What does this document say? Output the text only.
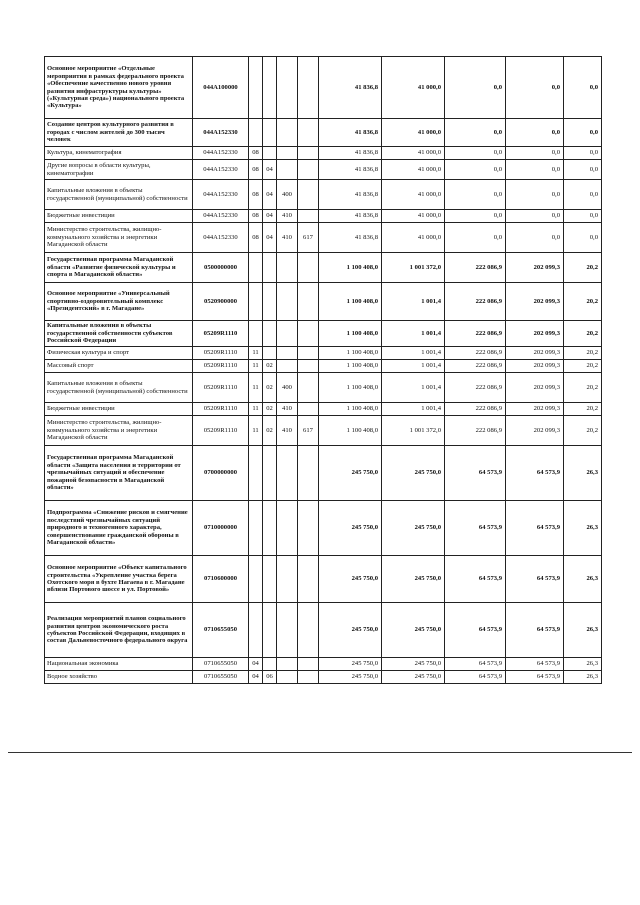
Основное мероприятие «Отдельные мероприятия в рамках федерального проекта «Обеспечение качественно нового уровня развития инфраструктуры культуры» («Культурная среда») национального проекта «Культура»	044A100000					41 836,8	41 000,0	0,0	0,0	0,0
Создание центров культурного развития в городах с числом жителей до 300 тысяч человек	044A152330					41 836,8	41 000,0	0,0	0,0	0,0
Культура, кинематография	044A152330	08				41 836,8	41 000,0	0,0	0,0	0,0
Другие вопросы в области культуры, кинематографии	044A152330	08	04			41 836,8	41 000,0	0,0	0,0	0,0
Капитальные вложения в объекты государственной (муниципальной) собственности	044A152330	08	04	400		41 836,8	41 000,0	0,0	0,0	0,0
Бюджетные инвестиции	044A152330	08	04	410		41 836,8	41 000,0	0,0	0,0	0,0
Министерство строительства, жилищно-коммунального хозяйства и энергетики Магаданской области	044A152330	08	04	410	617	41 836,8	41 000,0	0,0	0,0	0,0
Государственная программа Магаданской области «Развитие физической культуры и спорта в Магаданской области»	0500000000					1 100 408,0	1 001 372,0	222 086,9	202 099,3	20,2
Основное мероприятие «Универсальный спортивно-оздоровительный комплекс «Президентский» в г. Магадане»	0520900000					1 100 408,0	1 001,4	222 086,9	202 099,3	20,2
Капитальные вложения в объекты государственной собственности субъектов Российской Федерации	05209R1110					1 100 408,0	1 001,4	222 086,9	202 099,3	20,2
Физическая культура и спорт	05209R1110	11				1 100 408,0	1 001,4	222 086,9	202 099,3	20,2
Массовый спорт	05209R1110	11	02			1 100 408,0	1 001,4	222 086,9	202 099,3	20,2
Капитальные вложения в объекты государственной (муниципальной) собственности	05209R1110	11	02	400		1 100 408,0	1 001,4	222 086,9	202 099,3	20,2
Бюджетные инвестиции	05209R1110	11	02	410		1 100 408,0	1 001,4	222 086,9	202 099,3	20,2
Министерство строительства, жилищно-коммунального хозяйства и энергетики Магаданской области	05209R1110	11	02	410	617	1 100 408,0	1 001 372,0	222 086,9	202 099,3	20,2
Государственная программа Магаданской области «Защита населения и территории от чрезвычайных ситуаций и обеспечение пожарной безопасности в Магаданской области»	0700000000					245 750,0	245 750,0	64 573,9	64 573,9	26,3
Подпрограмма «Снижение рисков и смягчение последствий чрезвычайных ситуаций природного и техногенного характера, совершенствование гражданской обороны в Магаданской области»	0710000000					245 750,0	245 750,0	64 573,9	64 573,9	26,3
Основное мероприятие «Объект капитального строительства «Укрепление участка берега Охотского моря в бухте Нагаева в г. Магадане вблизи Портового шоссе и ул. Портовой»	0710600000					245 750,0	245 750,0	64 573,9	64 573,9	26,3
Реализация мероприятий планов социального развития центров экономического роста субъектов Российской Федерации, входящих в состав Дальневосточного федерального округа	0710655050					245 750,0	245 750,0	64 573,9	64 573,9	26,3
Национальная экономика	0710655050	04				245 750,0	245 750,0	64 573,9	64 573,9	26,3
Водное хозяйство	0710655050	04	06			245 750,0	245 750,0	64 573,9	64 573,9	26,3
